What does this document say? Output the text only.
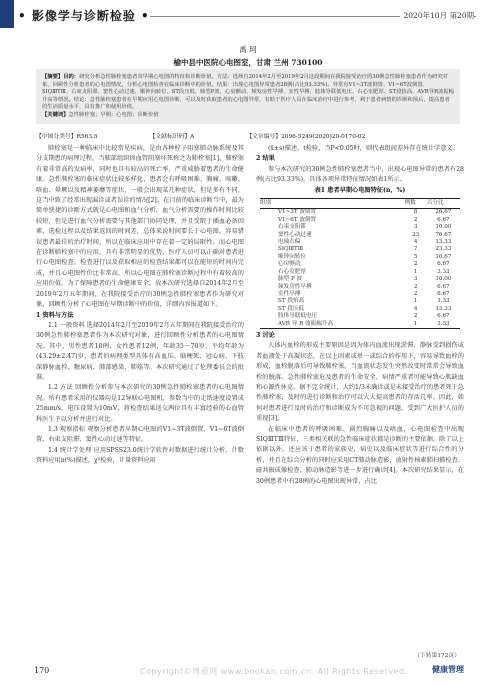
• 影像学与诊断检验 •	2020年10月 第20期
禹 珂
榆中县中医院心电图室，甘肃 兰州 730100
【摘要】目的：研究分析急性肺栓塞患者其早期心电图的特征和诊断价值。方法：选择自2014年2月至2019年2月这段期间在我院接受治疗的30例急性肺栓塞患者作为研究对象，回顾性分析患者的心电图情况，分析心电图检查在临床诊断中的价值。结果：出现心电图异常患者28例(占比93.33%)。异常有V1~3T波倒置、V1~6T波倒置、SⅠQⅢTⅢ、右束支阻滞、窦性心动过速、顺钟向转位、ST段压低、肺型P波、心房颤动、频发房性早搏、室性早搏，肢体导联低电压、右心室肥厚、ST段抬高、AVR导R波振幅升高等情况。结论：急性肺栓塞患者在早期应用心电图诊断，可以及时获取患者的心电图异常，有助于医疗人员在临床治疗中进行参考，利于患者病情的诊断和预后，提高患者的生活质量水平，具有推广和使用价值。
【关键词】急性肺栓塞；早期；心电图；诊断价值
【中图分类号】R563.5	【文献标识码】A	【文章编号】2096-5249(2020)20-0170-02

肺栓塞是一种临床中比较常见疾病，是由各种栓子阻塞肺动脉系统及其分支期患的病理过程，当肺部组织因血管阻塞坏死称之为肺栓塞[1]。肺栓塞有着非常高的发病率，同时也具有较高的死亡率，严重威胁着患者的生命健康。急性肺栓塞的临床症状比较多样化，患者会有呼吸困难、胸痛、咳嗽、咯血、晕厥以及精神萎靡等症状，一般会出现某几种症状，但是多有不同，这当中致了经常出现漏诊或者误诊的情况[2]。在目前的临床诊断当中，最为简单快捷的诊断方式就是心电图和血气分析，血气分析需要的操作时间比较较短，但是进行血气分析需要与其他部门协同处理，并且受限于插血必备因素，选检过程以及结果返回的时间差，总体来说时间要长于心电图。容易错误患者最佳的治疗时间，所以在临床应用中存在着一定的局限性。而心电图在诊断肺栓塞中的应用，具有非常明显的优势，医疗人员可以正确对患者进行心电图检查，检查进行以及获取相应的检查结果都可以在能短的时间内完成，并且心电图性价比非常高，所以心电图在肺栓塞诊断过程中有着较高的应用价值。为了保障患者的生命健康安全，故本次研究选择自2014年2月至2019年2月五年期间，在我院接受治疗的30例急性肺栓塞患者作为研究对象，回顾性分析了心电图在早期诊断中的价值，详细内容报道如下。

1 资料与方法

1.1 一般资料 选择2014年2月至2019年2月五年期间在我院接受治疗的30例急性肺栓塞患者作为本次研究对象，进行回顾性分析患者的心电图情况。其中，男性患者18例，女性患者12例，年龄35～70岁，平均年龄为(43.29±2.47)岁，患者的病理类型具体有高血压、脑梗死、冠心病、下肢深静脉血栓、糖尿病、肺部感染、肺癌等。本次研究通过了伦理委员会的批准。

1.2 方法 回顾性分析参与本次研究的30例急性肺栓塞患者的心电图情况。所有患者采用的仪器均是12导联心电图机，参数当中的走纸速度设置成25mm/s，电压设置为10mV，将检查结果送交两位具有丰富经验的心血管科医生予以分析并进行对比。

1.3 观察指标 观察分析患者早期心电图的V1~3T波倒置、V1~6T波倒置、右束支阻滞、窦性心动过速等特征。

1.4 统计学处理 应用SPSS23.0统计学软件对数据进行统计分析，计数资料应用n(%)描述，χ²检验，计量资料应用

(x̄±s)描述，t检验，当P<0.05时，则代表组间差异存在统计学意义。

2 结果

参与本次研究的30例急性肺栓塞患者当中，出现心电图异常的患者有28例(占比93.33%)，具体各项异常特征情况如表1所示。

表1 患者早期心电图特征(n，%)
组别	例数	百分比
V1~3T 波倒置	8	26.67
V1~6T 波倒置	2	6.67
右束支阻滞	3	10.00
窦性心动过速	23	76.67
电轴右偏	4	13.33
SⅠQⅢTⅢ	7	23.33
顺钟向转位	5	16.67
心房颤动	2	6.67
右心室肥厚	1	3.33
肺型 P 波	3	10.00
频发房性早搏	2	6.67
室性早搏	2	6.67
ST 段抬高	1	3.33
ST 段压低	4	13.33
肢体导联低电压	2	6.67
AVR 导 R 波振幅升高	1	3.33

3 讨论

人体内血栓的形成主要原因是因为体内血流出现淤滞、静脉受到损伤或者血液处于高凝状态，在以上因素或单一或综合的作用下，容易导致血栓的形成，血栓脱落后可导致肺栓塞。当血流状态发生突然改变时常常会导致血栓的脱落。急性肺栓塞危及患者的生命安全，病情严重者可能导致心肌缺血和心源性休克。据不完全统计，大约1/3未确诊或是未接受治疗的患者死于急性肺栓塞，及时的进行诊断和治疗可以大大提高患者的存活几率。因此，如何对患者进行及时的治疗和诊断成为不可忽视的问题，受到广大医护人员的重视[3]。

在临床中患者的呼吸困难、剧烈胸痛以及咯血，心电图检查中出现SⅠQⅢTⅢ特征，三类相关联的急性临床症状都是诊断的主要依据，除了以上依据以外，还应该于患者的家族史，病史以及临床症状等进行综合性的分析，并且在综合分析的同时应采用CT肺动脉造影，放射性核素肺扫描检查、磁共振成像检查、肺动脉造影等进一步进行确诊[4]。本次研究结果显示，在30例患者中有28例的心电图出现异常，占比

（下转第172页）
170	Copyright©博看网 www.bookan.com.cn. All Rights Reserved.	健康管理
